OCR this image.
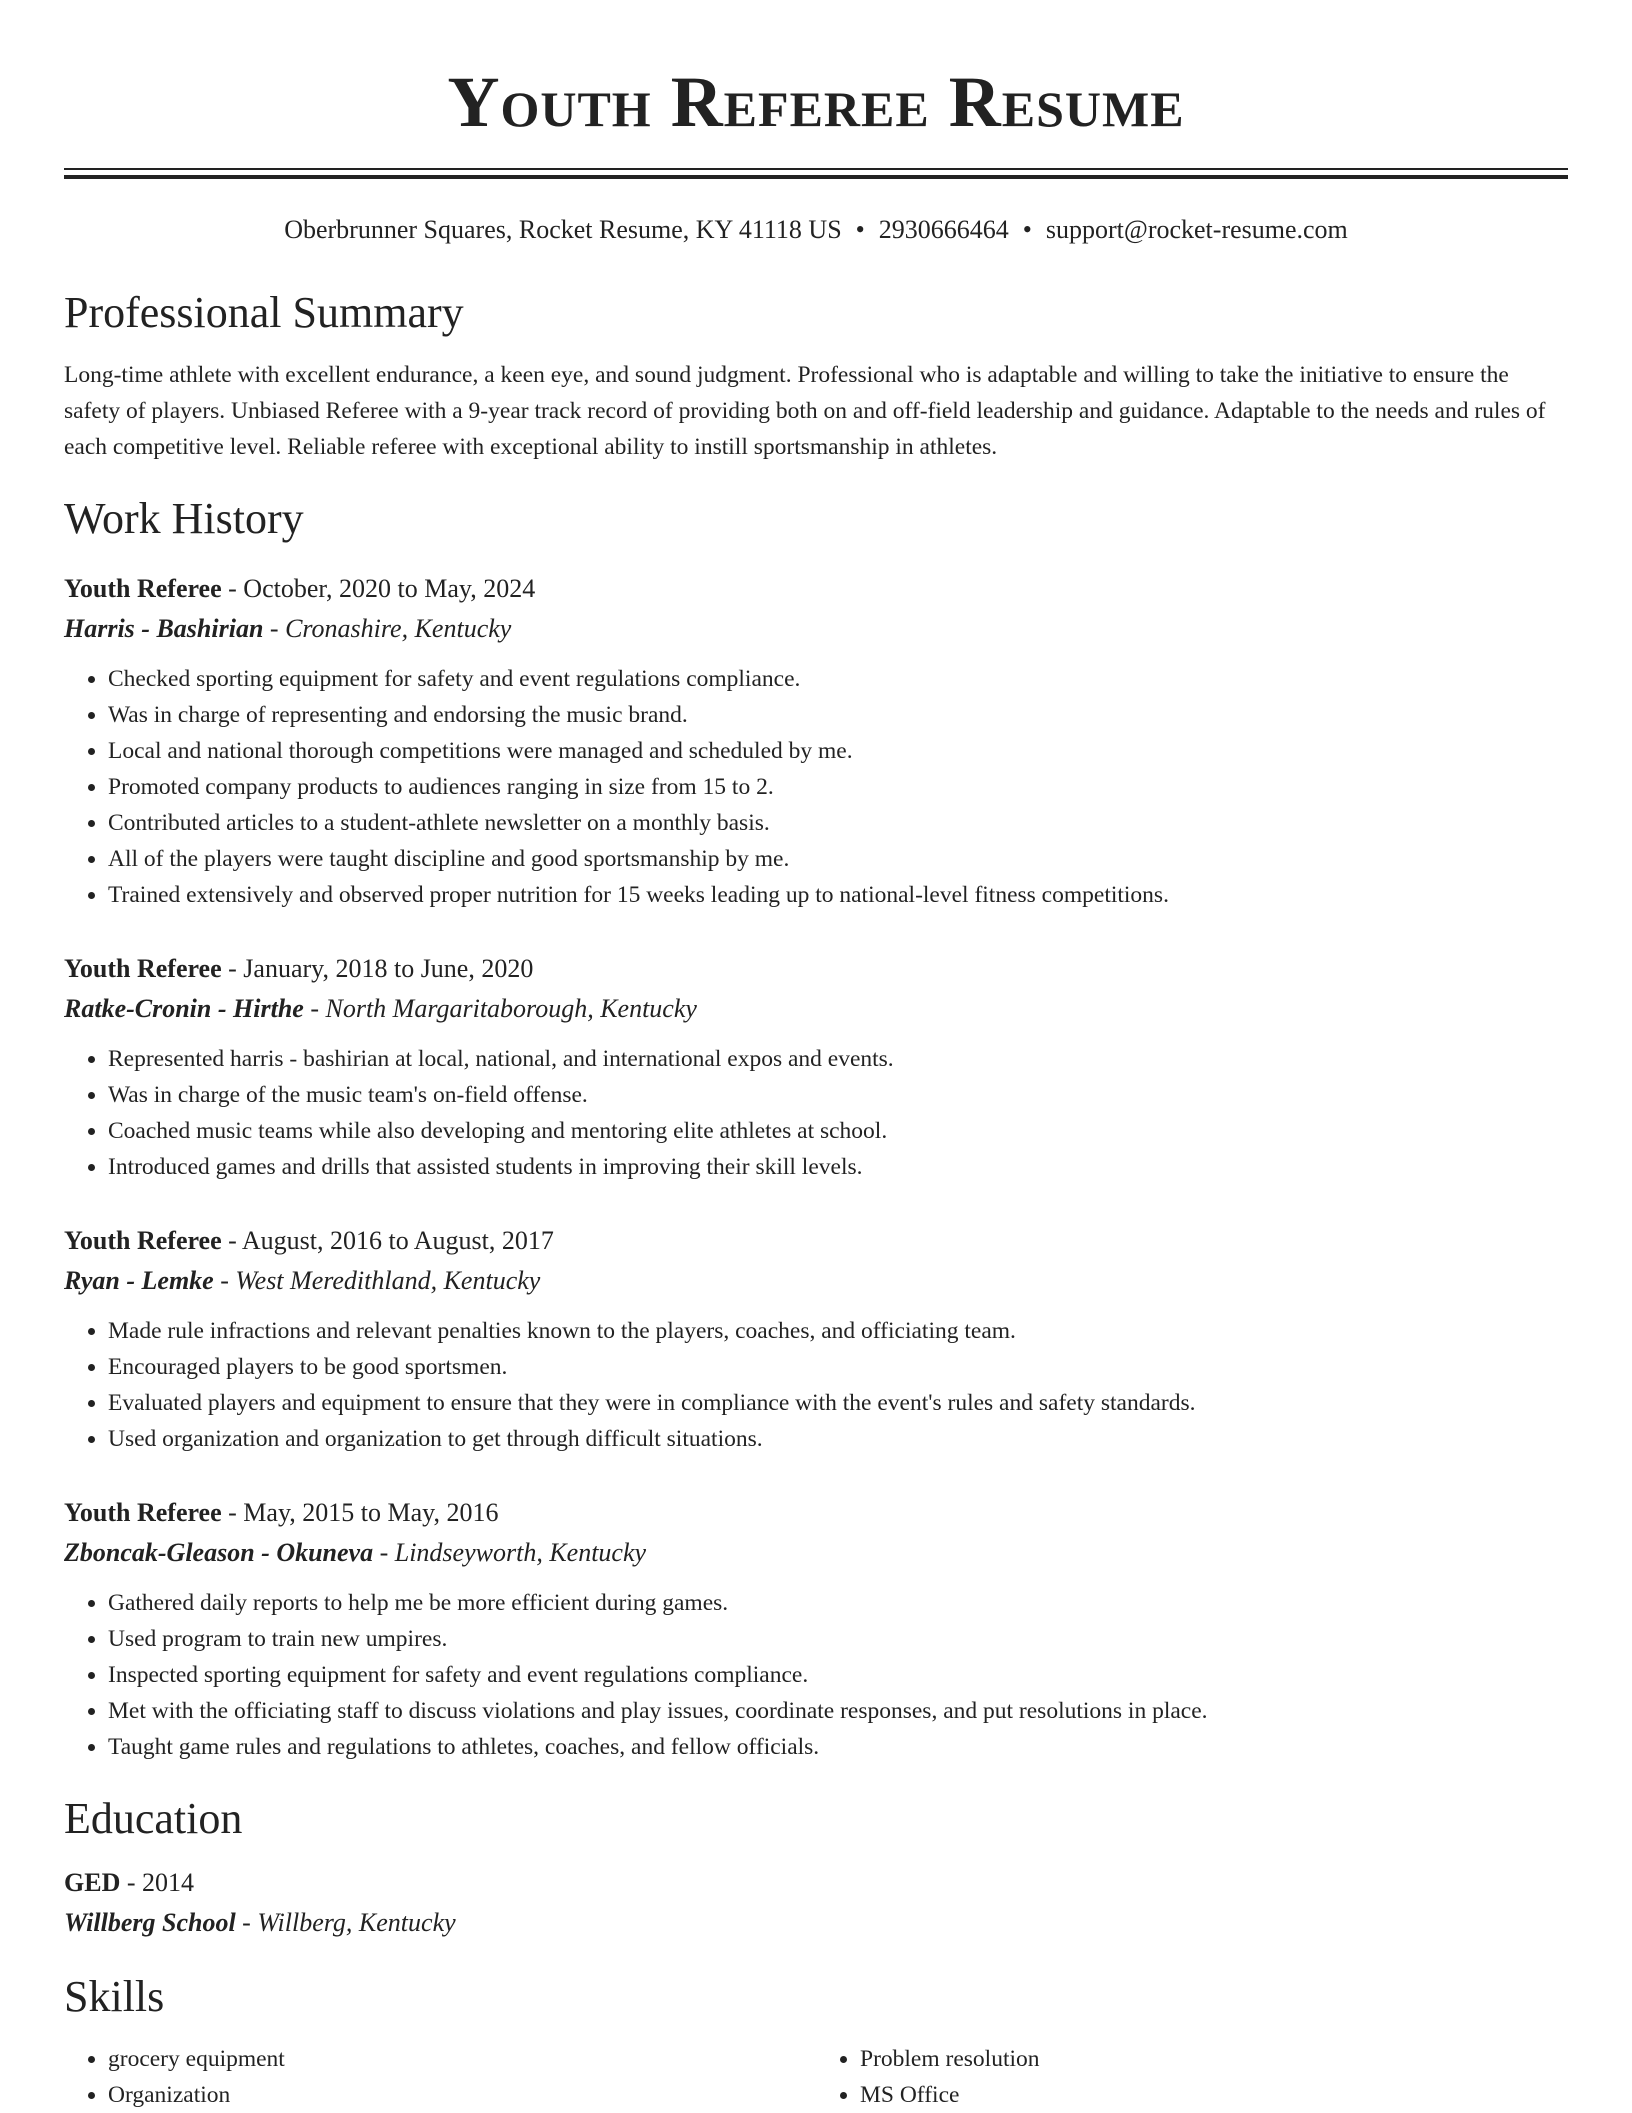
Youth Referee Resume
Oberbrunner Squares, Rocket Resume, KY 41118 US • 2930666464 • support@rocket-resume.com
Professional Summary

Long-time athlete with excellent endurance, a keen eye, and sound judgment. Professional who is adaptable and willing to take the initiative to ensure the safety of players. Unbiased Referee with a 9-year track record of providing both on and off-field leadership and guidance. Adaptable to the needs and rules of each competitive level. Reliable referee with exceptional ability to instill sportsmanship in athletes.

Work History
Youth Referee - October, 2020 to May, 2024
Harris - Bashirian - Cronashire, Kentucky
• Checked sporting equipment for safety and event regulations compliance.
• Was in charge of representing and endorsing the music brand.
• Local and national thorough competitions were managed and scheduled by me.
• Promoted company products to audiences ranging in size from 15 to 2.
• Contributed articles to a student-athlete newsletter on a monthly basis.
• All of the players were taught discipline and good sportsmanship by me.
• Trained extensively and observed proper nutrition for 15 weeks leading up to national-level fitness competitions.
Youth Referee - January, 2018 to June, 2020
Ratke-Cronin - Hirthe - North Margaritaborough, Kentucky
• Represented harris - bashirian at local, national, and international expos and events.
• Was in charge of the music team's on-field offense.
• Coached music teams while also developing and mentoring elite athletes at school.
• Introduced games and drills that assisted students in improving their skill levels.
Youth Referee - August, 2016 to August, 2017
Ryan - Lemke - West Meredithland, Kentucky
• Made rule infractions and relevant penalties known to the players, coaches, and officiating team.
• Encouraged players to be good sportsmen.
• Evaluated players and equipment to ensure that they were in compliance with the event's rules and safety standards.
• Used organization and organization to get through difficult situations.
Youth Referee - May, 2015 to May, 2016
Zboncak-Gleason - Okuneva - Lindseyworth, Kentucky
• Gathered daily reports to help me be more efficient during games.
• Used program to train new umpires.
• Inspected sporting equipment for safety and event regulations compliance.
• Met with the officiating staff to discuss violations and play issues, coordinate responses, and put resolutions in place.
• Taught game rules and regulations to athletes, coaches, and fellow officials.
Education
GED - 2014
Willberg School - Willberg, Kentucky
Skills
• grocery equipment
• Organization
• Problem resolution
• MS Office
